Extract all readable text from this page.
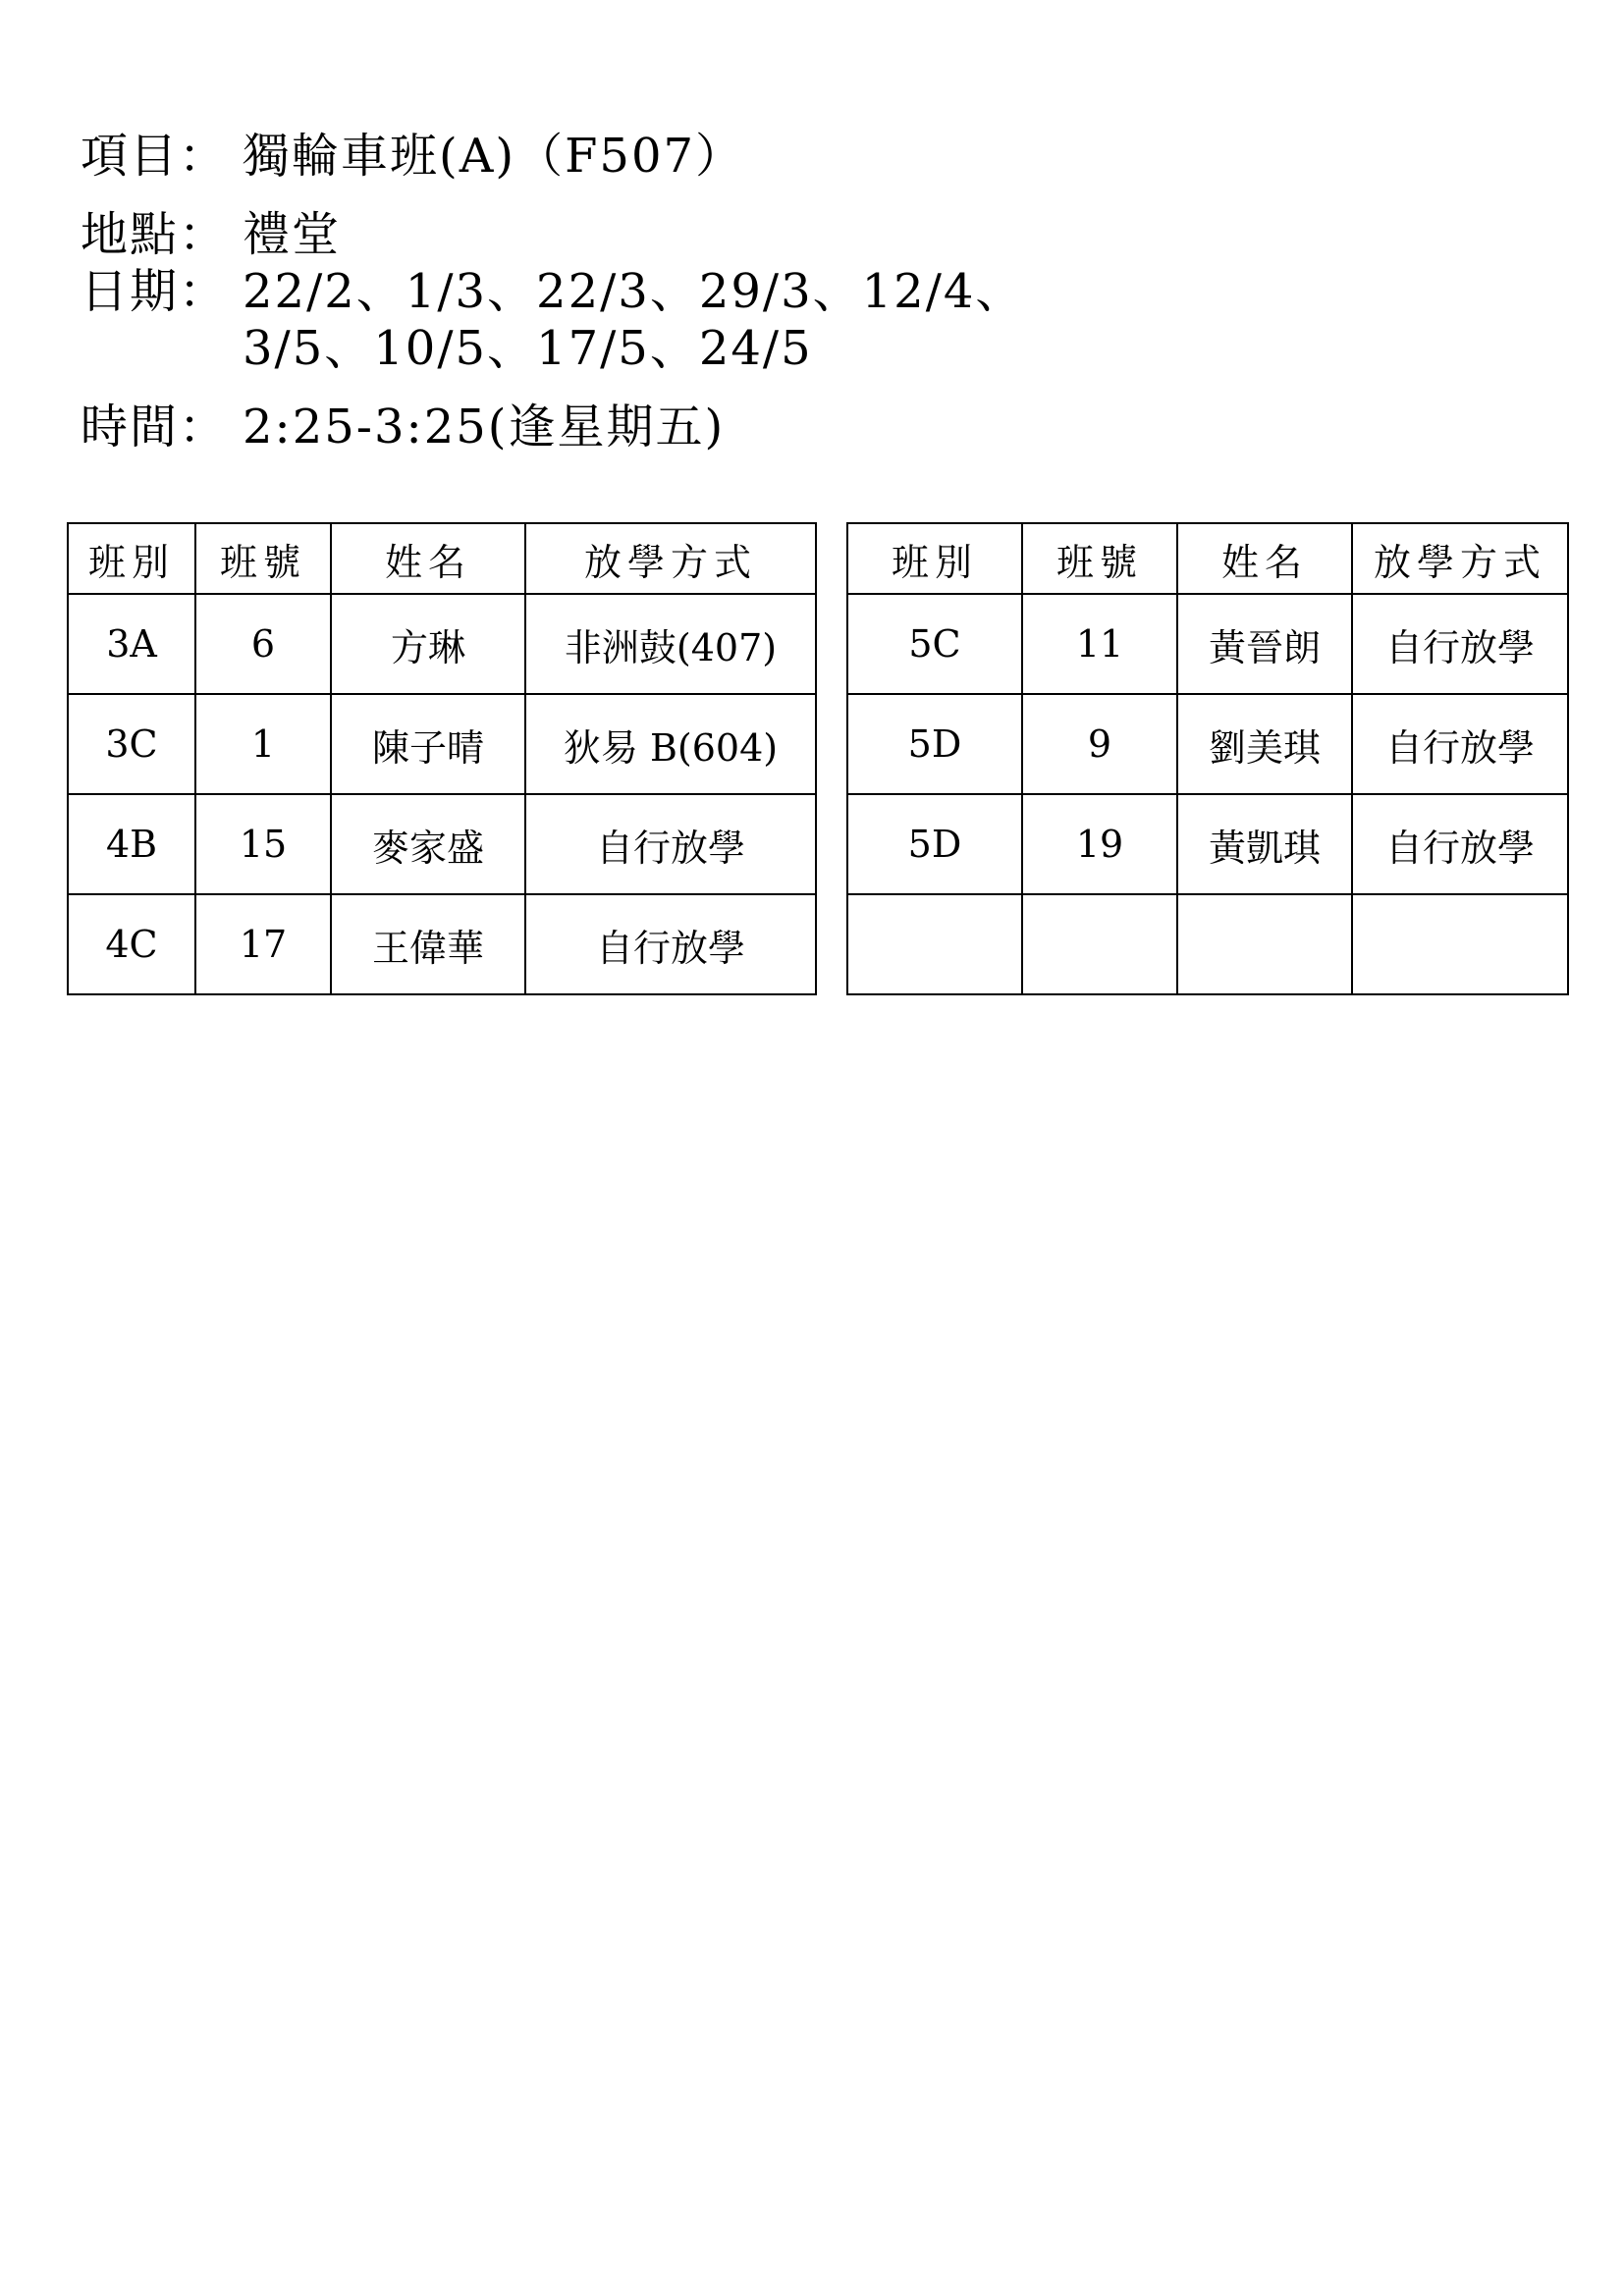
項目： 獨輪車班(A)（F507）
地點： 禮堂
日期： 22/2、1/3、22/3、29/3、12/4、
3/5、10/5、17/5、24/5
時間： 2:25-3:25(逢星期五)
班別	班號	姓名	放學方式
3A	6	方琳	非洲鼓(407)
3C	1	陳子晴	狄易 B(604)
4B	15	麥家盛	自行放學
4C	17	王偉華	自行放學
班別	班號	姓名	放學方式
5C	11	黃晉朗	自行放學
5D	9	劉美琪	自行放學
5D	19	黃凱琪	自行放學
